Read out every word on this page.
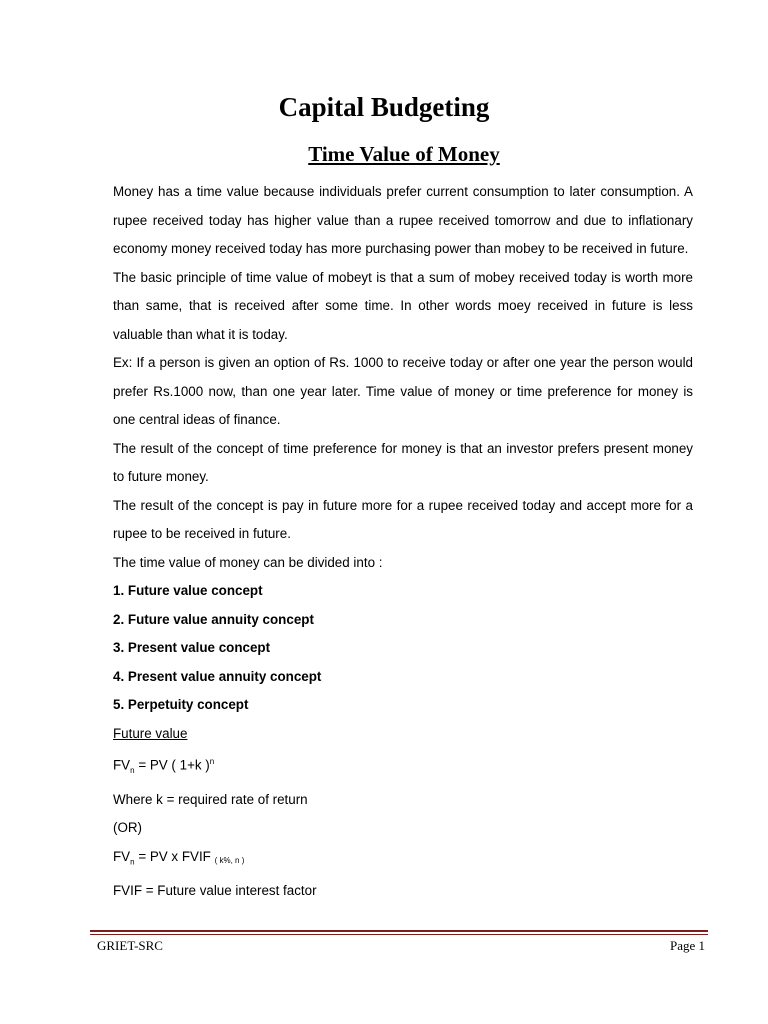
Capital Budgeting
Time Value of Money

Money has a time value because individuals prefer current consumption to later consumption. A rupee received today has higher value than a rupee received tomorrow and due to inflationary economy money received today has more purchasing power than mobey to be received in future.

The basic principle of time value of mobeyt is that a sum of mobey received today is worth more than same, that is received after some time. In other words moey received in future is less valuable than what it is today.

Ex: If a person is given an option of Rs. 1000 to receive today or after one year the person would prefer Rs.1000 now, than one year later. Time value of money or time preference for money is one central ideas of finance.

The result of the concept of time preference for money is that an investor prefers present money to future money.

The result of the concept is pay in future more for a rupee received today and accept more for a rupee to be received in future.

The time value of money can be divided into :

1. Future value concept
2. Future value annuity concept
3. Present value concept
4. Present value annuity concept
5. Perpetuity concept
Future value
$FV_n$ = PV ( 1+k )$^n$
Where k = required rate of return
(OR)
$FV_n$ = PV x FVIF ( k%, n )
FVIF = Future value interest factor
GRIET-SRC	Page 1
